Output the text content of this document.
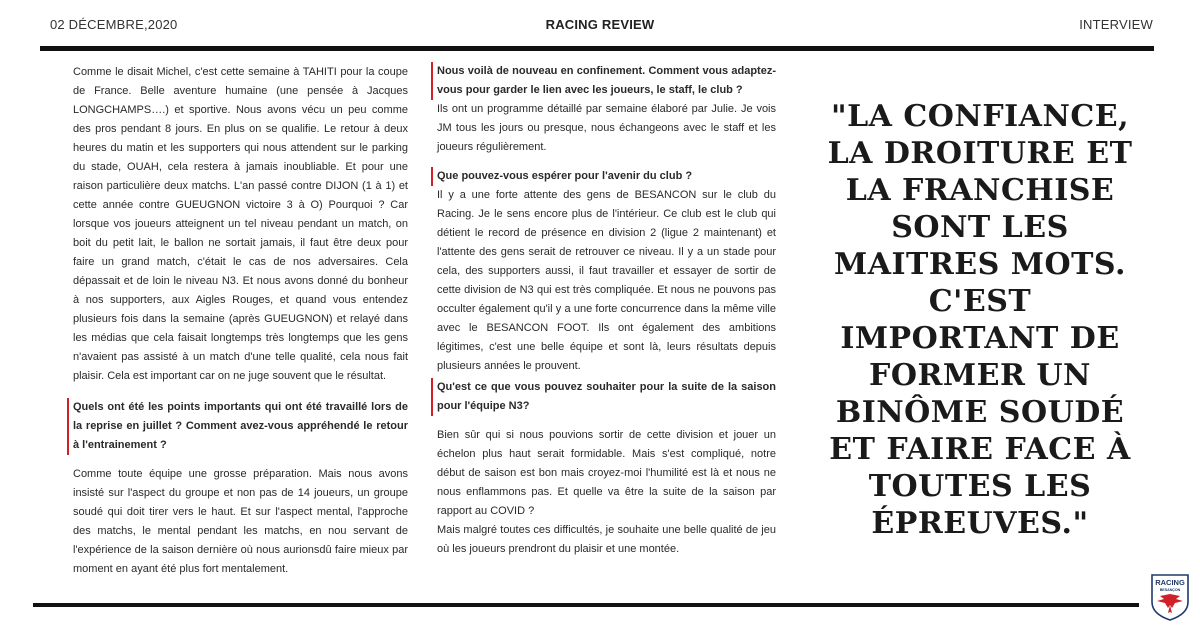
02 DÉCEMBRE,2020	RACING REVIEW	INTERVIEW

Comme le disait Michel, c'est cette semaine à TAHITI pour la coupe de France. Belle aventure humaine (une pensée à Jacques LONGCHAMPS….) et sportive. Nous avons vécu un peu comme des pros pendant 8 jours. En plus on se qualifie. Le retour à deux heures du matin et les supporters qui nous attendent sur le parking du stade, OUAH, cela restera à jamais inoubliable. Et pour une raison particulière deux matchs. L'an passé contre DIJON (1 à 1) et cette année contre GUEUGNON victoire 3 à O) Pourquoi ? Car lorsque vos joueurs atteignent un tel niveau pendant un match, on boit du petit lait, le ballon ne sortait jamais, il faut être deux pour faire un grand match, c'était le cas de nos adversaires. Cela dépassait et de loin le niveau N3. Et nous avons donné du bonheur à nos supporters, aux Aigles Rouges, et quand vous entendez plusieurs fois dans la semaine (après GUEUGNON) et relayé dans les médias que cela faisait longtemps très longtemps que les gens n'avaient pas assisté à un match d'une telle qualité, cela nous fait plaisir. Cela est important car on ne juge souvent que le résultat.

Quels ont été les points importants qui ont été travaillé lors de la reprise en juillet ? Comment avez-vous appréhendé le retour à l'entrainement ?

Comme toute équipe une grosse préparation. Mais nous avons insisté sur l'aspect du groupe et non pas de 14 joueurs, un groupe soudé qui doit tirer vers le haut. Et sur l'aspect mental, l'approche des matchs, le mental pendant les matchs, en nou servant de l'expérience de la saison dernière où nous aurionsdû faire mieux par moment en ayant été plus fort mentalement.

Nous voilà de nouveau en confinement. Comment vous adaptez-vous pour garder le lien avec les joueurs, le staff, le club ?

Ils ont un programme détaillé par semaine élaboré par Julie. Je vois JM tous les jours ou presque, nous échangeons avec le staff et les joueurs régulièrement.

Que pouvez-vous espérer pour l'avenir du club ?

Il y a une forte attente des gens de BESANCON sur le club du Racing. Je le sens encore plus de l'intérieur. Ce club est le club qui détient le record de présence en division 2 (ligue 2 maintenant) et l'attente des gens serait de retrouver ce niveau. Il y a un stade pour cela, des supporters aussi, il faut travailler et essayer de sortir de cette division de N3 qui est très compliquée. Et nous ne pouvons pas occulter également qu'il y a une forte concurrence dans la même ville avec le BESANCON FOOT. Ils ont également des ambitions légitimes, c'est une belle équipe et sont là, leurs résultats depuis plusieurs années le prouvent.

Qu'est ce que vous pouvez souhaiter pour la suite de la saison pour l'équipe N3?

Bien sûr qui si nous pouvions sortir de cette division et jouer un échelon plus haut serait formidable. Mais s'est compliqué, notre début de saison est bon mais croyez-moi l'humilité est là et nous ne nous enflammons pas. Et quelle va être la suite de la saison par rapport au COVID ?

Mais malgré toutes ces difficultés, je souhaite une belle qualité de jeu où les joueurs prendront du plaisir et une montée.

"LA CONFIANCE, LA DROITURE ET LA FRANCHISE SONT LES MAITRES MOTS. C'EST IMPORTANT DE FORMER UN BINÔME SOUDÉ ET FAIRE FACE À TOUTES LES ÉPREUVES."
RACING
BESANÇON
